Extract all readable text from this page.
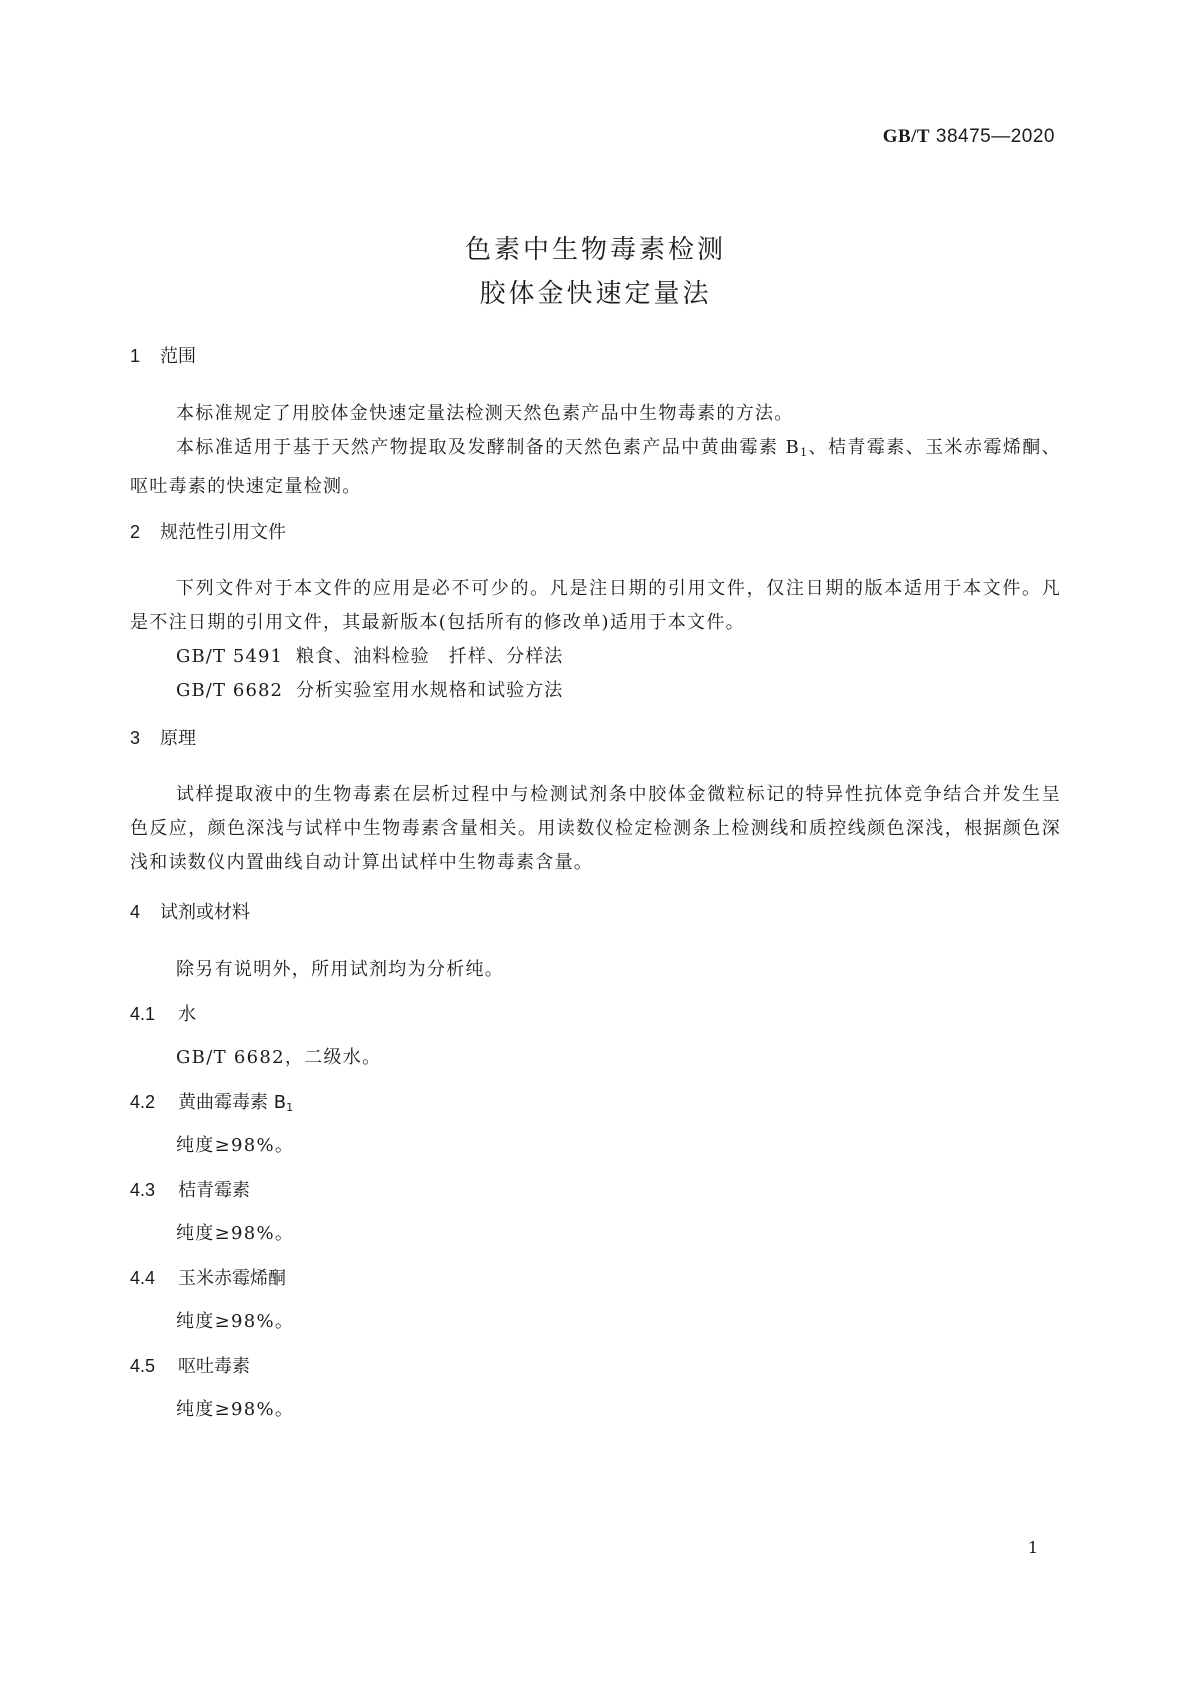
GB/T 38475—2020
色素中生物毒素检测
胶体金快速定量法
1 范围
本标准规定了用胶体金快速定量法检测天然色素产品中生物毒素的方法。
本标准适用于基于天然产物提取及发酵制备的天然色素产品中黄曲霉素 $B_1$、桔青霉素、玉米赤霉烯酮、呕吐毒素的快速定量检测。
2 规范性引用文件
下列文件对于本文件的应用是必不可少的。凡是注日期的引用文件，仅注日期的版本适用于本文件。凡是不注日期的引用文件，其最新版本(包括所有的修改单)适用于本文件。
GB/T 5491 粮食、油料检验　扦样、分样法
GB/T 6682 分析实验室用水规格和试验方法
3 原理
试样提取液中的生物毒素在层析过程中与检测试剂条中胶体金微粒标记的特异性抗体竞争结合并发生呈色反应，颜色深浅与试样中生物毒素含量相关。用读数仪检定检测条上检测线和质控线颜色深浅，根据颜色深浅和读数仪内置曲线自动计算出试样中生物毒素含量。
4 试剂或材料
除另有说明外，所用试剂均为分析纯。
4.1 水
GB/T 6682，二级水。
4.2 黄曲霉毒素 $B_1$
纯度≥98%。
4.3 桔青霉素
纯度≥98%。
4.4 玉米赤霉烯酮
纯度≥98%。
4.5 呕吐毒素
纯度≥98%。
1
